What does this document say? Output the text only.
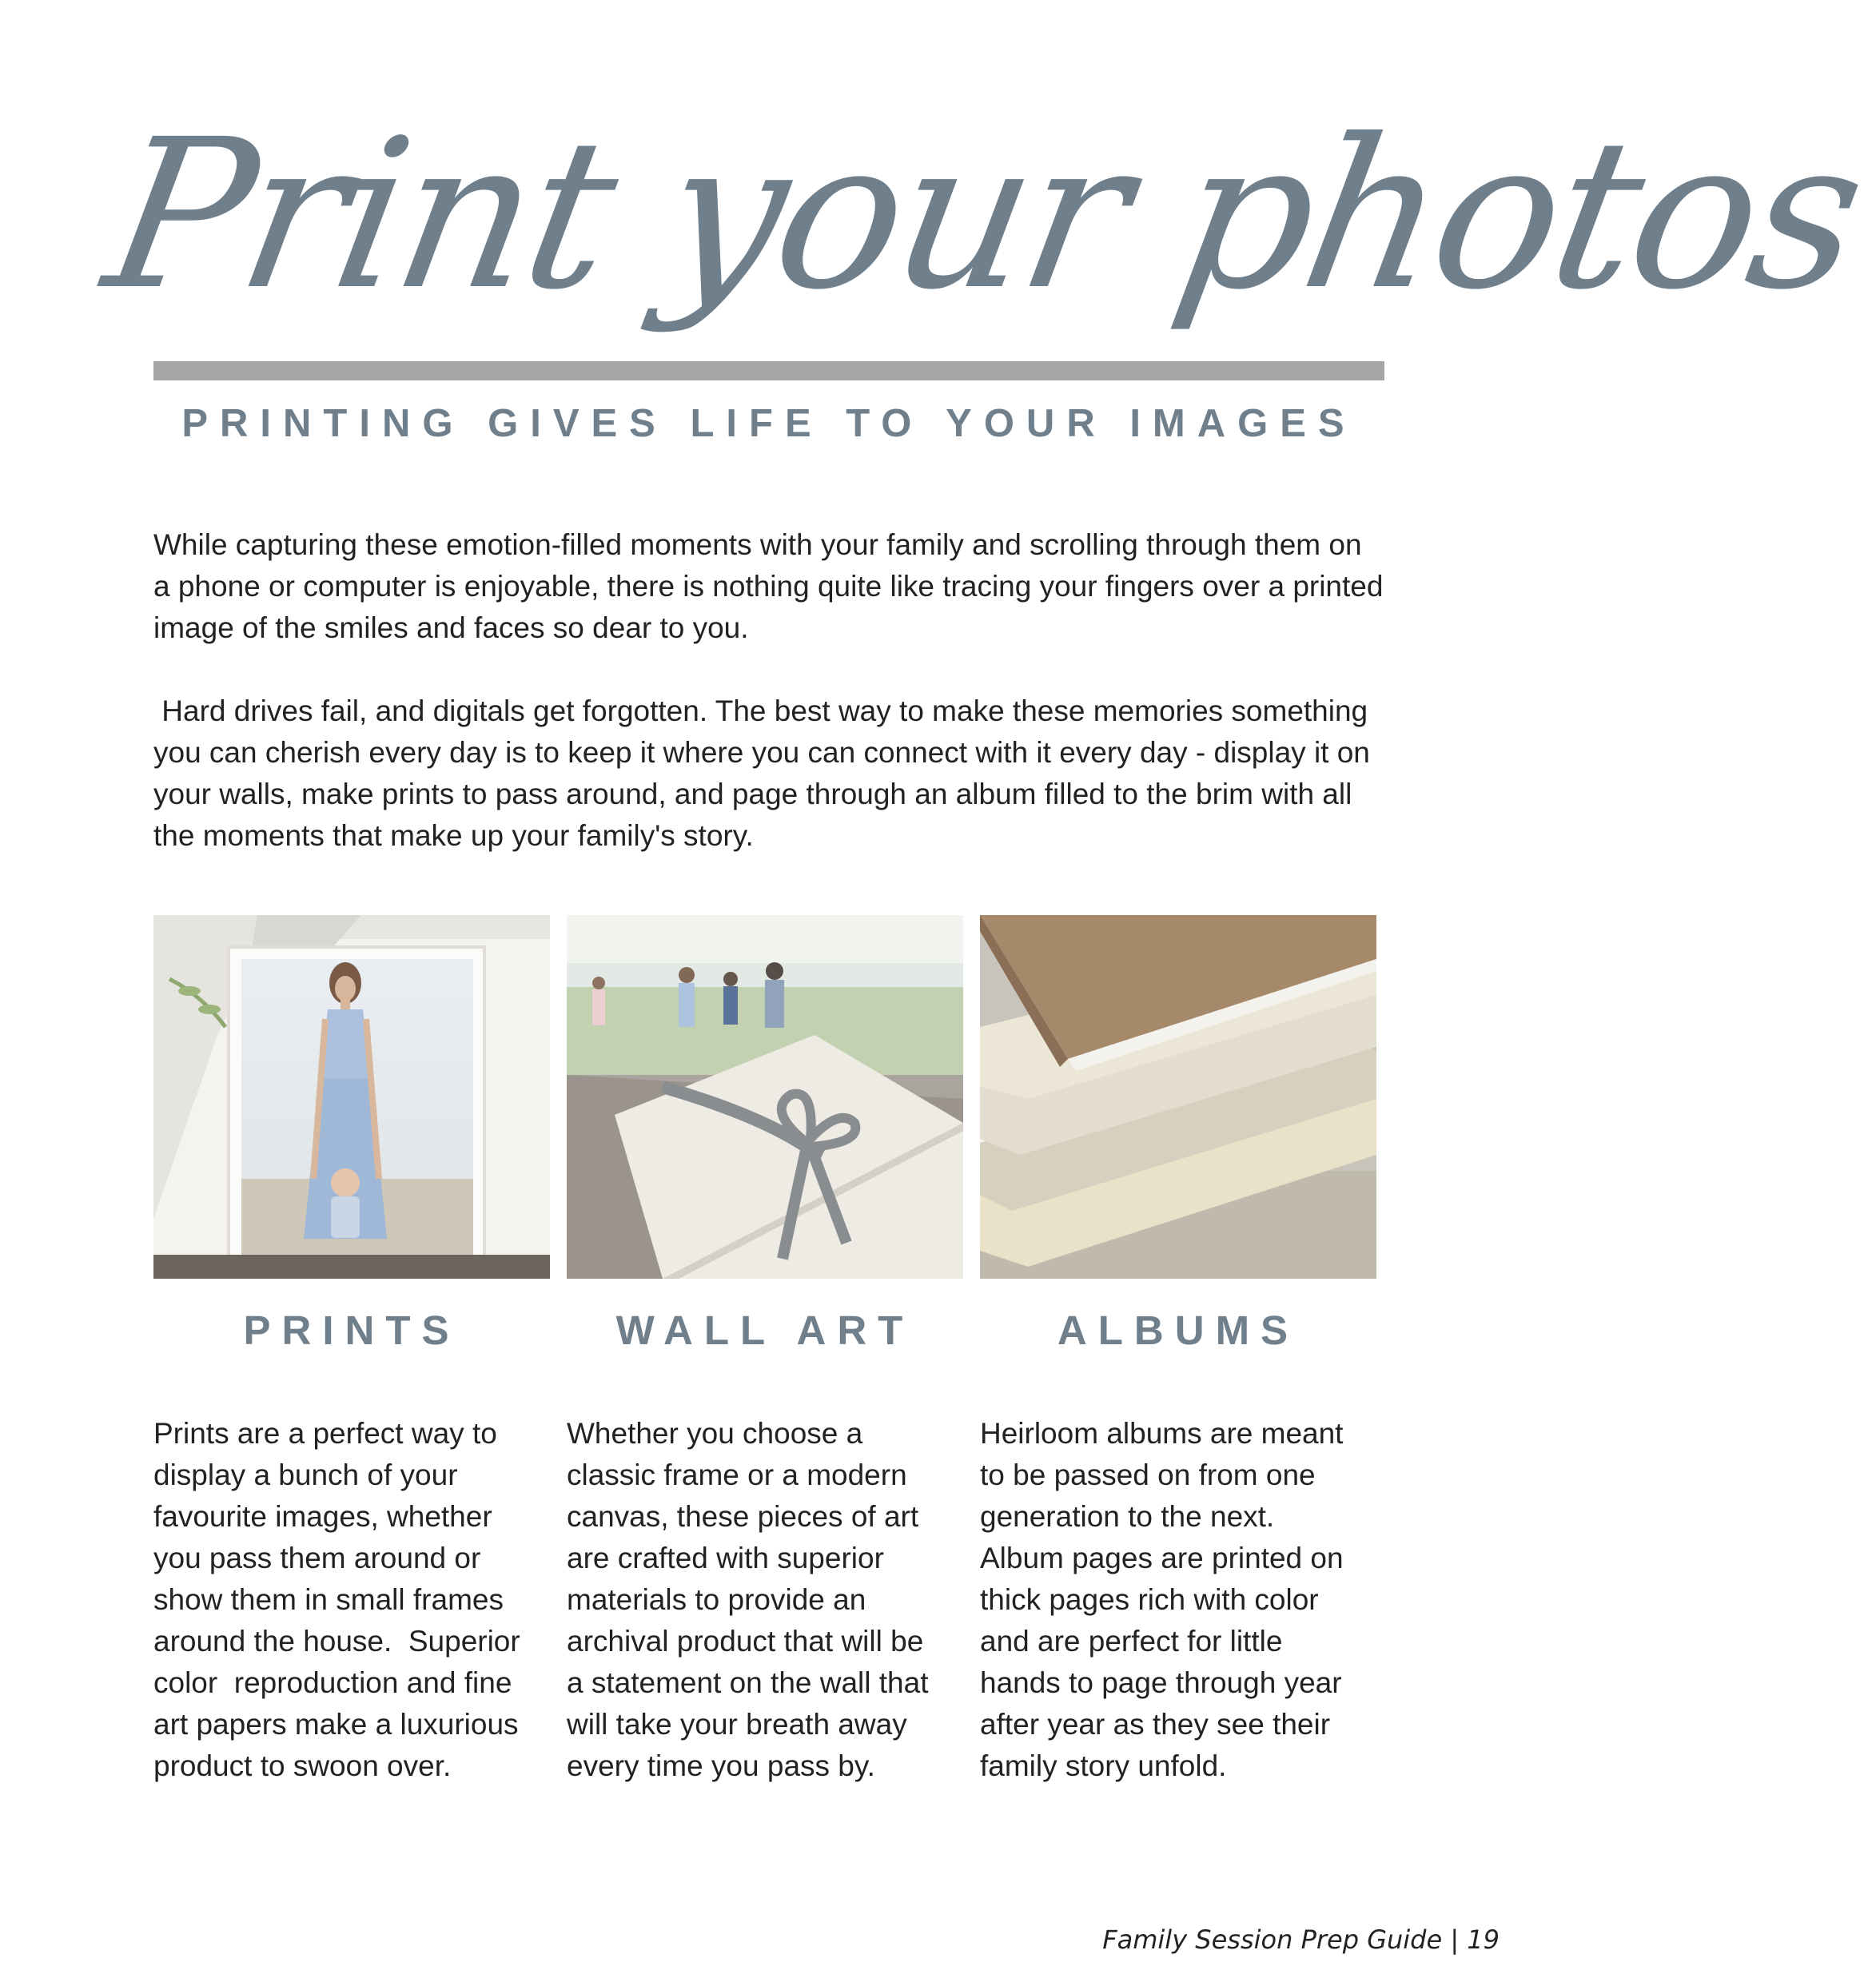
Print your photos
PRINTING GIVES LIFE TO YOUR IMAGES

While capturing these emotion-filled moments with your family and scrolling through them on a phone or computer is enjoyable, there is nothing quite like tracing your fingers over a printed image of the smiles and faces so dear to you.

Hard drives fail, and digitals get forgotten. The best way to make these memories something you can cherish every day is to keep it where you can connect with it every day - display it on your walls, make prints to pass around, and page through an album filled to the brim with all the moments that make up your family's story.

PRINTS	WALL ART	ALBUMS
Prints are a perfect way to
display a bunch of your
favourite images, whether
you pass them around or
show them in small frames
around the house.  Superior
color  reproduction and fine
art papers make a luxurious
product to swoon over.
Whether you choose a
classic frame or a modern
canvas, these pieces of art
are crafted with superior
materials to provide an
archival product that will be
a statement on the wall that
will take your breath away
every time you pass by.
Heirloom albums are meant
to be passed on from one
generation to the next.
Album pages are printed on
thick pages rich with color
and are perfect for little
hands to page through year
after year as they see their
family story unfold.
Family Session Prep Guide | 19
